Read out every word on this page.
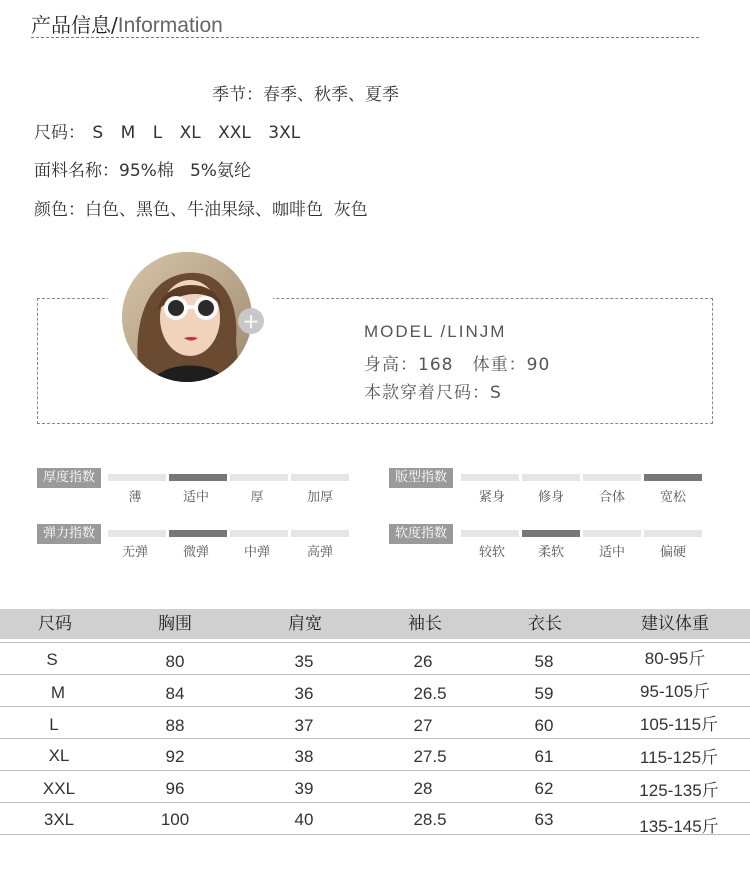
产品信息/Information
季节：春季、秋季、夏季
尺码： S M L XL XXL 3XL
面料名称：95%棉   5%氨纶
颜色：白色、黑色、牛油果绿、咖啡色  灰色
+	MODEL /LINJM
身高：168   体重：90
本款穿着尺码：S
厚度指数
薄	适中	厚	加厚
版型指数
紧身	修身	合体	宽松
弹力指数
无弹	微弹	中弹	高弹
软度指数
较软	柔软	适中	偏硬
尺码	胸围	肩宽	袖长	衣长	建议体重
S	80	35	26	58	80-95斤
M	84	36	26.5	59	95-105斤
L	88	37	27	60	105-115斤
XL	92	38	27.5	61	115-125斤
XXL	96	39	28	62	125-135斤
3XL	100	40	28.5	63	135-145斤
